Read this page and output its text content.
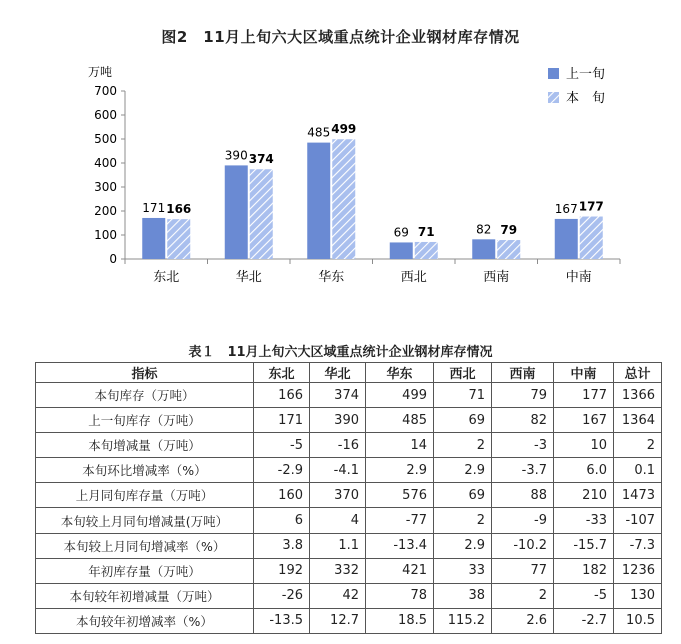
图2　11月上旬六大区域重点统计企业钢材库存情况
万吨
0
100
200
300
400
500
600
700
东北	华北	华东	西北	西南	中南
171 166
390 374
485 499
69 71	82 79
167 177
上一旬
本　旬
表１　11月上旬六大区域重点统计企业钢材库存情况
指标	东北	华北	华东	西北	西南	中南	总计
本旬库存（万吨）	166	374	499	71	79	177	1366
上一旬库存（万吨）	171	390	485	69	82	167	1364
本旬增减量（万吨）	-5	-16	14	2	-3	10	2
本旬环比增减率（%）	-2.9	-4.1	2.9	2.9	-3.7	6.0	0.1
上月同旬库存量（万吨）	160	370	576	69	88	210	1473
本旬较上月同旬增减量(万吨）	6	4	-77	2	-9	-33	-107
本旬较上月同旬增减率（%）	3.8	1.1	-13.4	2.9	-10.2	-15.7	-7.3
年初库存量（万吨）	192	332	421	33	77	182	1236
本旬较年初增减量（万吨）	-26	42	78	38	2	-5	130
本旬较年初增减率（%）	-13.5	12.7	18.5	115.2	2.6	-2.7	10.5
